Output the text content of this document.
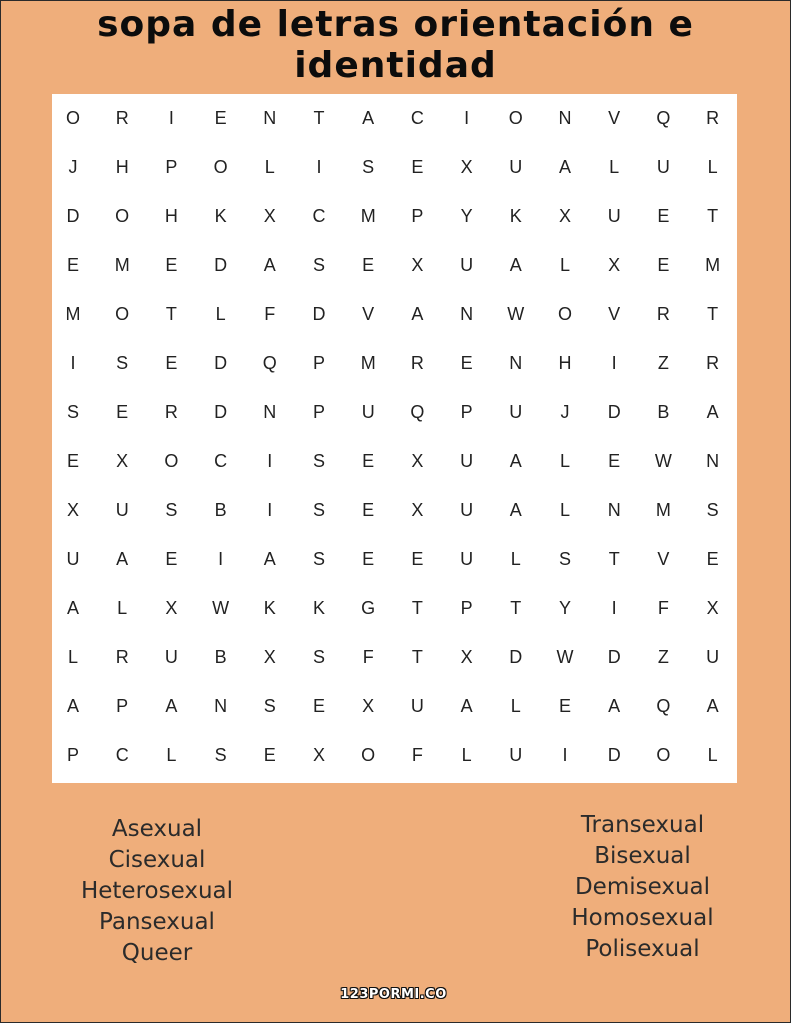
sopa de letras orientación e
identidad
O	R	I	E	N	T	A	C	I	O	N	V	Q	R
J	H	P	O	L	I	S	E	X	U	A	L	U	L
D	O	H	K	X	C	M	P	Y	K	X	U	E	T
E	M	E	D	A	S	E	X	U	A	L	X	E	M
M	O	T	L	F	D	V	A	N	W	O	V	R	T
I	S	E	D	Q	P	M	R	E	N	H	I	Z	R
S	E	R	D	N	P	U	Q	P	U	J	D	B	A
E	X	O	C	I	S	E	X	U	A	L	E	W	N
X	U	S	B	I	S	E	X	U	A	L	N	M	S
U	A	E	I	A	S	E	E	U	L	S	T	V	E
A	L	X	W	K	K	G	T	P	T	Y	I	F	X
L	R	U	B	X	S	F	T	X	D	W	D	Z	U
A	P	A	N	S	E	X	U	A	L	E	A	Q	A
P	C	L	S	E	X	O	F	L	U	I	D	O	L
Asexual
Cisexual
Heterosexual
Pansexual
Queer
Transexual
Bisexual
Demisexual
Homosexual
Polisexual
123PORMI.CO
